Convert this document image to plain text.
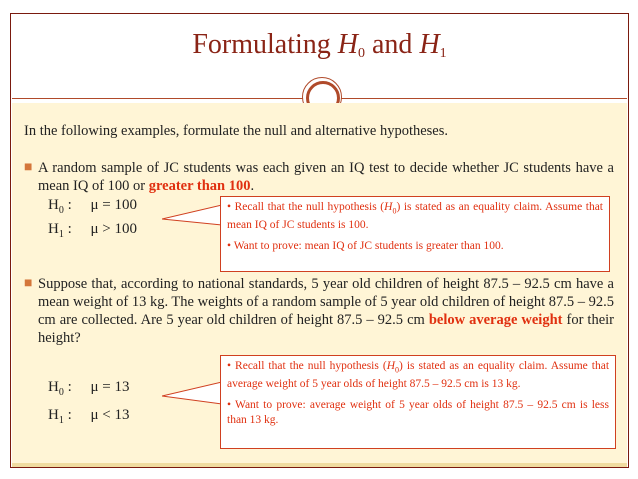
Formulating $H_0$ and $H_1$
In the following examples, formulate the null and alternative hypotheses.
■ A random sample of JC students was each given an IQ test to decide whether JC students have a mean IQ of 100 or greater than 100.
$H_0$ :     μ = 100
$H_1$ :     μ > 100
• Recall that the null hypothesis $(H_0)$ is stated as an equality claim. Assume that mean IQ of JC students is 100.
• Want to prove: mean IQ of JC students is greater than 100.
■ Suppose that, according to national standards, 5 year old children of height 87.5 – 92.5 cm have a mean weight of 13 kg. The weights of a random sample of 5 year old children of height 87.5 – 92.5 cm are collected. Are 5 year old children of height 87.5 – 92.5 cm below average weight for their height?
$H_0$ :     μ = 13
$H_1$ :     μ < 13
• Recall that the null hypothesis $(H_0)$ is stated as an equality claim. Assume that average weight of 5 year olds of height 87.5 – 92.5 cm is 13 kg.
• Want to prove: average weight of 5 year olds of height 87.5 – 92.5 cm is less than 13 kg.
